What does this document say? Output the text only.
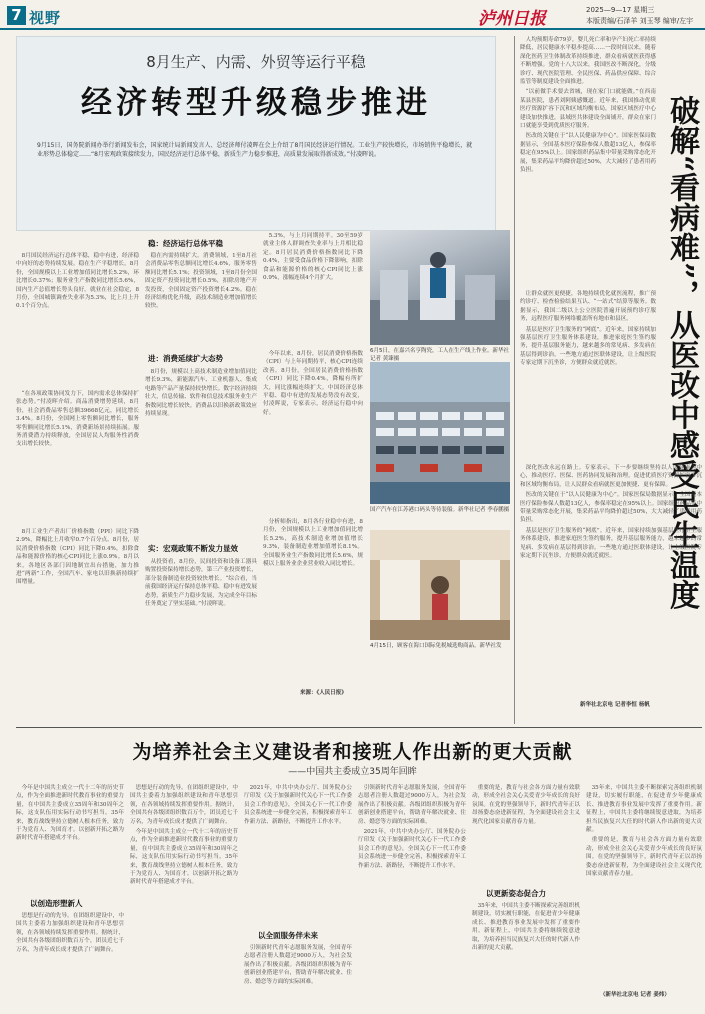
7 视野	泸州日报	2025—9—17 星期三
本版责编/石泽羊 刘玉琴 编审/左宇
8月生产、内需、外贸等运行平稳
经济转型升级稳步推进
9月15日，国务院新闻办举行新闻发布会，国家统计局新闻发言人、总经济师付凌晖在会上介绍了8月国民经济运行情况。工业生产较快增长，市场销售平稳增长，就业形势总体稳定……“8月宏观政策接续发力，国民经济运行总体平稳，新质生产力稳步推进，高质量发展取得新成效。”付凌晖说。
稳：经济运行总体平稳
8月国民经济运行总体平稳，稳中有进，经济稳中向好的态势持续发展。稳在生产平稳增长。8月份，全国规模以上工业增加值同比增长5.2%，环比增长0.37%；服务业生产指数同比增长5.6%，国内生产总值增长势头良好。就业在社会稳定，8月份，全国城镇调查失业率为5.3%，比上月上升0.1个百分点。
稳在内需持续扩大。消费领域，1至8月社会消费品零售总额同比增长4.6%，服务零售额同比增长5.1%；投资领域，1至8月份全国固定资产投资同比增长0.5%，扣除房地产开发投资，全国固定资产投资增长4.2%。稳在经济结构优化升级，高技术制造业增加值增长较快。
5.3%，与上月同期持平。30至59岁就业主体人群调查失业率与上月相比稳定。8月居民消费价格指数同比下降0.4%，主要受食品价格下降影响，扣除食品和能源价格的核心CPI同比上涨0.9%，涨幅连续4个月扩大。
进：消费延续扩大态势
“在各项政策协同发力下，国内需求总体保持扩张态势。”付凌晖介绍。商品消费增势延续，8月份，社会消费品零售总额39668亿元，同比增长3.4%。8月份，全国网上零售额同比增长，服务零售额同比增长5.1%，消费新场景持续拓展。服务消费潜力持续释放，全国居民人均服务性消费支出增长较快。
8月份，规模以上高技术制造业增加值同比增长9.3%，新能源汽车、工业机器人、集成电路等产品产量保持较快增长。数字经济持续壮大，信息传输、软件和信息技术服务业生产指数同比增长较快。消费品以旧换新政策效应持续显现。
今年以来，8月份，居民消费价格指数（CPI）与上年同期持平，核心CPI连续改善。8月份，全国居民消费价格指数（CPI）同比下降0.4%，降幅有所扩大，同比涨幅连续扩大。中国经济总体平稳、稳中有进的发展态势没有改变，付凌晖说，专家表示，经济运行稳中向好。
实：宏观政策不断发力显效
8月工业生产者出厂价格指数（PPI）同比下降2.9%，降幅比上月收窄0.7个百分点。8月份，居民消费价格指数（CPI）同比下降0.4%，扣除食品和能源价格的核心CPI同比上涨0.9%。8月以来，各地区各部门因地制宜出台措施，加力推进“两新”工作，全国汽车、家电以旧换新持续扩围增量。
从投资看，8月份，民间投资和设备工器具购置投资保持增长态势，第三产业投资增长，部分装备制造业投资较快增长。“综合看，当前我国经济运行保持总体平稳、稳中有进发展态势，新质生产力稳步发展，为完成全年目标任务奠定了坚实基础。”付凌晖说。
分析师指出，8月各行业稳中有进，8月份，全国规模以上工业增加值同比增长5.2%，高技术制造业增加值增长9.3%，装备制造业增加值增长8.1%。全国服务业生产指数同比增长5.6%，规模以上服务业企业营业收入同比增长。
来源：《人民日报》
6月5日，在嘉兴名亨陶瓷，工人在生产线上作业。新华社记者 黄臻摄
国产汽车在江苏港口码头等待装船。新华社记者 季春鹏摄
4月15日，顾客在海口国际免税城选购商品。新华社发
破解“看病难”，从医改中感受民生温度
人均预期寿命79岁，婴儿死亡率和孕产妇死亡率持续降低，居民健康水平稳步提高……一段时间以来，随着深化医药卫生体制改革持续推进，群众看病就医获得感不断增强。党的十八大以来，我国医改不断深化，分级诊疗、现代医院管理、全民医保、药品供应保障、综合监管等制度建设全面推进。
“以前做手术要去省城，现在家门口就能做。”在西南某县医院，患者刘阿姨感慨道。近年来，我国推动优质医疗资源扩容下沉和区域均衡布局，国家区域医疗中心建设加快推进，县域医共体建设全面铺开，群众在家门口就能享受到优质医疗服务。
医改的关键在于“以人民健康为中心”。国家医保局数据显示，全国基本医疗保险参保人数超13亿人，参保率稳定在95%以上。国家组织药品集中带量采购常态化开展，集采药品平均降价超过50%，大大减轻了患者用药负担。
让群众就医更便捷，各地持续优化就医流程，推广预约诊疗、检查检验结果互认、“一站式”结算等服务。数据显示，我国二级以上公立医院普遍开展预约诊疗服务，远程医疗服务网络覆盖所有地市和县区。
基层是医疗卫生服务的“网底”。近年来，国家持续加强基层医疗卫生服务体系建设，推进家庭医生签约服务，提升基层服务能力，越来越多的常见病、多发病在基层得到诊治。一些地方通过医联体建设，让上级医院专家定期下沉坐诊，方便群众就近就医。
深化医改永远在路上。专家表示，下一步要继续坚持以人民健康为中心，推动医疗、医保、医药协同发展和治理，促进优质医疗资源扩容下沉和区域均衡布局，让人民群众看病就医更加便捷、更有保障。
医改的关键在于“以人民健康为中心”。国家医保局数据显示，全国基本医疗保险参保人数超13亿人，参保率稳定在95%以上。国家组织药品集中带量采购常态化开展，集采药品平均降价超过50%，大大减轻了患者用药负担。
基层是医疗卫生服务的“网底”。近年来，国家持续加强基层医疗卫生服务体系建设，推进家庭医生签约服务，提升基层服务能力，越来越多的常见病、多发病在基层得到诊治。一些地方通过医联体建设，让上级医院专家定期下沉坐诊，方便群众就近就医。
新华社北京电 记者李恒 杨帆
为培养社会主义建设者和接班人作出新的更大贡献
——中国共主委成立35周年回眸
今年是中国共主成立一代十二年的历史节点，作为全面推进新时代教育事业的重要力量，在中国共主委成立35周年和30周年之际，这支队伍用实际行动书写担当。35年来，教育战线坚持立德树人根本任务，致力于为党育人、为国育才。以创新开拓之路为新时代青年搭建成才平台。
以创造形塑新人
思想是行动的先导。在团组织建设中，中国共主委着力加强组织建设和青年思想引领，在各领域持续发挥重要作用。据统计，全国共有各级团组织数百万个，团员近七千万名，为青年成长成才提供了广阔舞台。
思想是行动的先导。在团组织建设中，中国共主委着力加强组织建设和青年思想引领，在各领域持续发挥重要作用。据统计，全国共有各级团组织数百万个，团员近七千万名，为青年成长成才提供了广阔舞台。
今年是中国共主成立一代十二年的历史节点，作为全面推进新时代教育事业的重要力量，在中国共主委成立35周年和30周年之际，这支队伍用实际行动书写担当。35年来，教育战线坚持立德树人根本任务，致力于为党育人、为国育才。以创新开拓之路为新时代青年搭建成才平台。
2021年，中共中央办公厅、国务院办公厅印发《关于加强新时代关心下一代工作委员会工作的意见》，全国关心下一代工作委员会系统进一步健全完善，积极探索青年工作新方法、新路径，不断提升工作水平。
以全面服务伴未来
引领新时代青年志愿服务发展，全国青年志愿者注册人数超过9000万人，为社会发展作出了积极贡献。各级团组织积极为青年创新创业搭建平台，帮助青年解决就业、住房、婚恋等方面的实际困难。
引领新时代青年志愿服务发展，全国青年志愿者注册人数超过9000万人，为社会发展作出了积极贡献。各级团组织积极为青年创新创业搭建平台，帮助青年解决就业、住房、婚恋等方面的实际困难。
2021年，中共中央办公厅、国务院办公厅印发《关于加强新时代关心下一代工作委员会工作的意见》，全国关心下一代工作委员会系统进一步健全完善，积极探索青年工作新方法、新路径，不断提升工作水平。
重要的是，教育与社会各方面力量有效联动，形成全社会关心关爱青少年成长的良好氛围。在党的坚强领导下，新时代青年正以昂扬姿态奋进新征程，为全面建设社会主义现代化国家贡献青春力量。
以更新姿态促合力
35年来，中国共主委不断探索完善组织机制建设，切实履行职能，在促进青少年健康成长、推进教育事业发展中发挥了重要作用。新征程上，中国共主委将继续锐意进取，为培养担当民族复兴大任的时代新人作出新的更大贡献。
35年来，中国共主委不断探索完善组织机制建设，切实履行职能，在促进青少年健康成长、推进教育事业发展中发挥了重要作用。新征程上，中国共主委将继续锐意进取，为培养担当民族复兴大任的时代新人作出新的更大贡献。
重要的是，教育与社会各方面力量有效联动，形成全社会关心关爱青少年成长的良好氛围。在党的坚强领导下，新时代青年正以昂扬姿态奋进新征程，为全面建设社会主义现代化国家贡献青春力量。
（新华社北京电 记者 姜炜）
